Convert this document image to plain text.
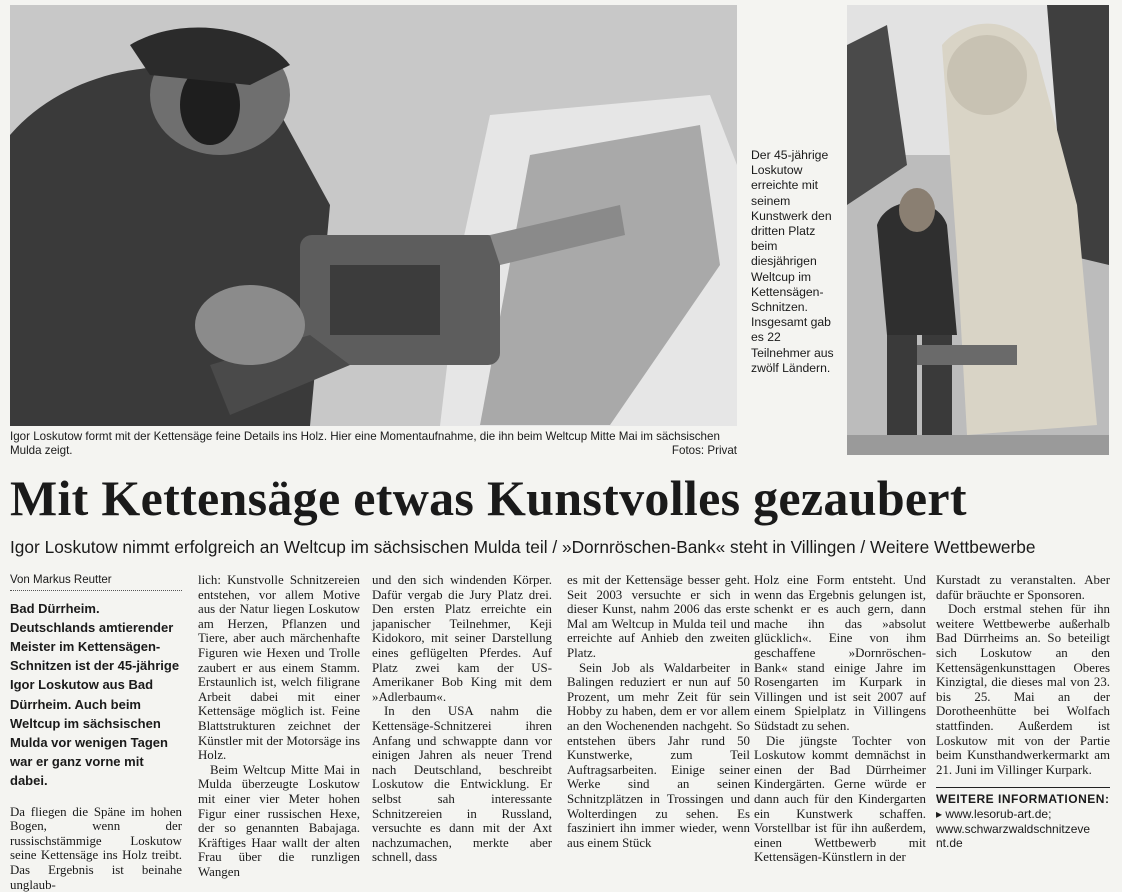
Der 45-jährige Loskutow erreichte mit seinem Kunstwerk den dritten Platz beim diesjährigen Weltcup im Kettensägen-Schnitzen. Insgesamt gab es 22 Teilnehmer aus zwölf Ländern.
Igor Loskutow formt mit der Kettensäge feine Details ins Holz. Hier eine Momentaufnahme, die ihn beim Weltcup Mitte Mai im sächsischen Mulda zeigt.	Fotos: Privat
Mit Kettensäge etwas Kunstvolles gezaubert
Igor Loskutow nimmt erfolgreich an Weltcup im sächsischen Mulda teil / »Dornröschen-Bank« steht in Villingen / Weitere Wettbewerbe
Von Markus Reutter

Bad Dürrheim. Deutschlands amtierender Meister im Kettensägen-Schnitzen ist der 45-jährige Igor Loskutow aus Bad Dürrheim. Auch beim Weltcup im sächsischen Mulda vor wenigen Tagen war er ganz vorne mit dabei.

Da fliegen die Späne im hohen Bogen, wenn der russischstämmige Loskutow seine Kettensäge ins Holz treibt. Das Ergebnis ist beinahe unglaub-

lich: Kunstvolle Schnitzereien entstehen, vor allem Motive aus der Natur liegen Loskutow am Herzen, Pflanzen und Tiere, aber auch märchenhafte Figuren wie Hexen und Trolle zaubert er aus einem Stamm. Erstaunlich ist, welch filigrane Arbeit dabei mit einer Kettensäge möglich ist. Feine Blattstrukturen zeichnet der Künstler mit der Motorsäge ins Holz.

Beim Weltcup Mitte Mai in Mulda überzeugte Loskutow mit einer vier Meter hohen Figur einer russischen Hexe, der so genannten Babajaga. Kräftiges Haar wallt der alten Frau über die runzligen Wangen

und den sich windenden Körper. Dafür vergab die Jury Platz drei. Den ersten Platz erreichte ein japanischer Teilnehmer, Keji Kidokoro, mit seiner Darstellung eines geflügelten Pferdes. Auf Platz zwei kam der US-Amerikaner Bob King mit dem »Adlerbaum«.

In den USA nahm die Kettensäge-Schnitzerei ihren Anfang und schwappte dann vor einigen Jahren als neuer Trend nach Deutschland, beschreibt Loskutow die Entwicklung. Er selbst sah interessante Schnitzereien in Russland, versuchte es dann mit der Axt nachzumachen, merkte aber schnell, dass

es mit der Kettensäge besser geht. Seit 2003 versuchte er sich in dieser Kunst, nahm 2006 das erste Mal am Weltcup in Mulda teil und erreichte auf Anhieb den zweiten Platz.

Sein Job als Waldarbeiter in Balingen reduziert er nun auf 50 Prozent, um mehr Zeit für sein Hobby zu haben, dem er vor allem an den Wochenenden nachgeht. So entstehen übers Jahr rund 50 Kunstwerke, zum Teil Auftragsarbeiten. Einige seiner Werke sind an seinen Schnitzplätzen in Trossingen und Wolterdingen zu sehen. Es fasziniert ihn immer wieder, wenn aus einem Stück

Holz eine Form entsteht. Und wenn das Ergebnis gelungen ist, schenkt er es auch gern, dann mache ihn das »absolut glücklich«. Eine von ihm geschaffene »Dornröschen-Bank« stand einige Jahre im Rosengarten im Kurpark in Villingen und ist seit 2007 auf einem Spielplatz in Villingens Südstadt zu sehen.

Die jüngste Tochter von Loskutow kommt demnächst in einen der Bad Dürrheimer Kindergärten. Gerne würde er dann auch für den Kindergarten ein Kunstwerk schaffen. Vorstellbar ist für ihn außerdem, einen Wettbewerb mit Kettensägen-Künstlern in der

Kurstadt zu veranstalten. Aber dafür bräuchte er Sponsoren.

Doch erstmal stehen für ihn weitere Wettbewerbe außerhalb Bad Dürrheims an. So beteiligt sich Loskutow an den Kettensägenkunsttagen Oberes Kinzigtal, die dieses mal von 23. bis 25. Mai an der Dorotheenhütte bei Wolfach stattfinden. Außerdem ist Loskutow mit von der Partie beim Kunsthandwerkermarkt am 21. Juni im Villinger Kurpark.

WEITERE INFORMATIONEN:
▸ www.lesorub-art.de;
www.schwarzwaldschnitzeve nt.de
